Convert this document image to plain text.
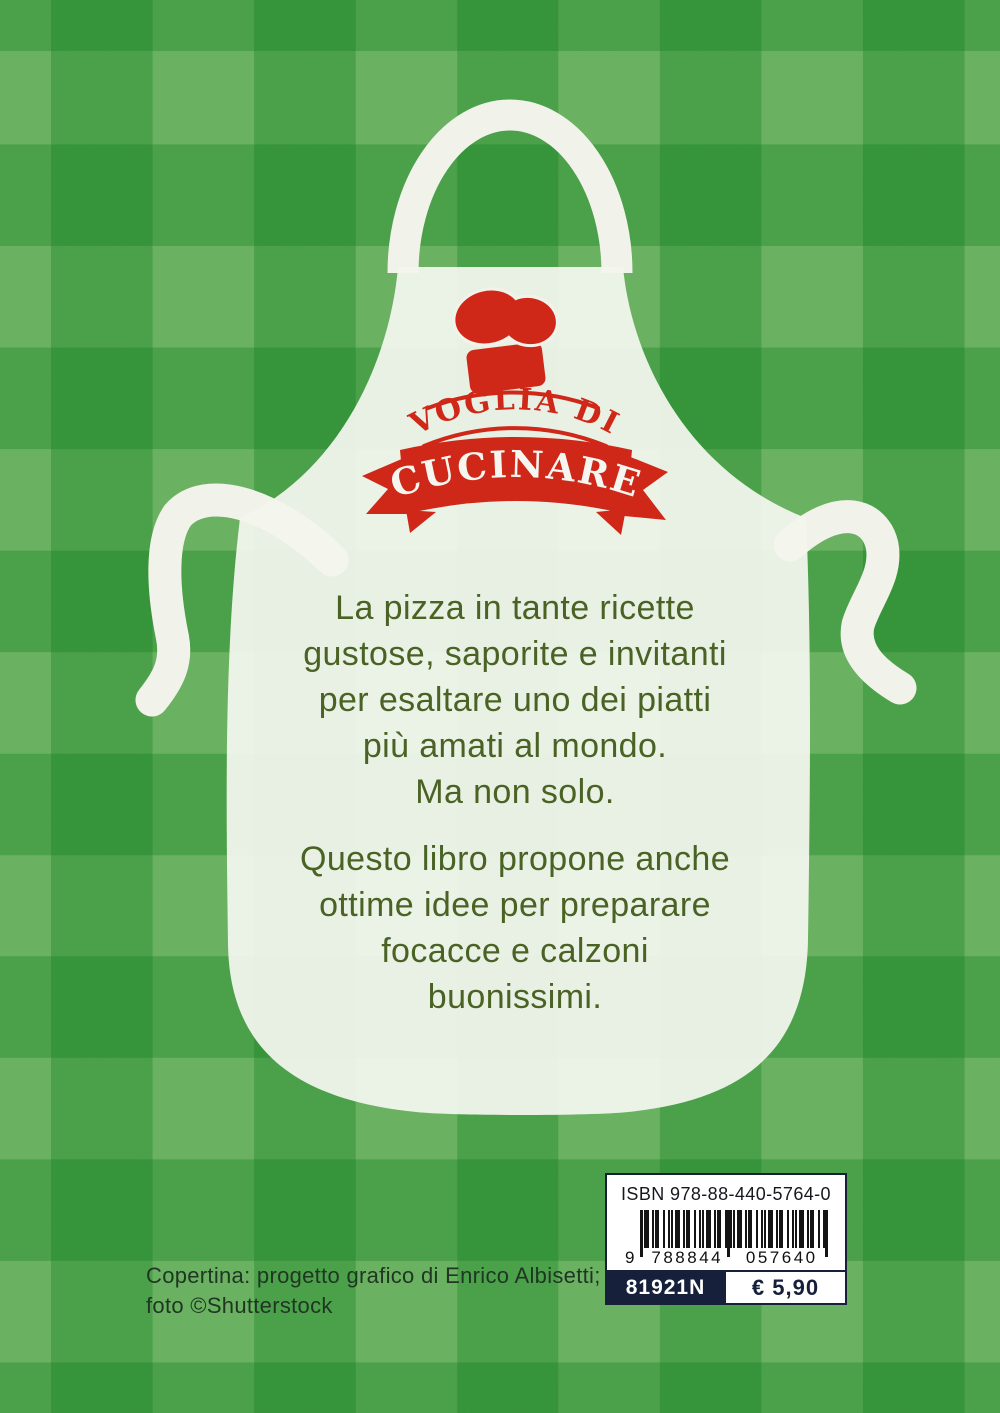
VOGLIA DI
CUCINARE
La pizza in tante ricette
gustose, saporite e invitanti
per esaltare uno dei piatti
più amati al mondo.
Ma non solo.
Questo libro propone anche
ottime idee per preparare
focacce e calzoni
buonissimi.
Copertina: progetto grafico di Enrico Albisetti;
foto ©Shutterstock
ISBN 978-88-440-5764-0
9 788844	057640
81921N	€ 5,90
